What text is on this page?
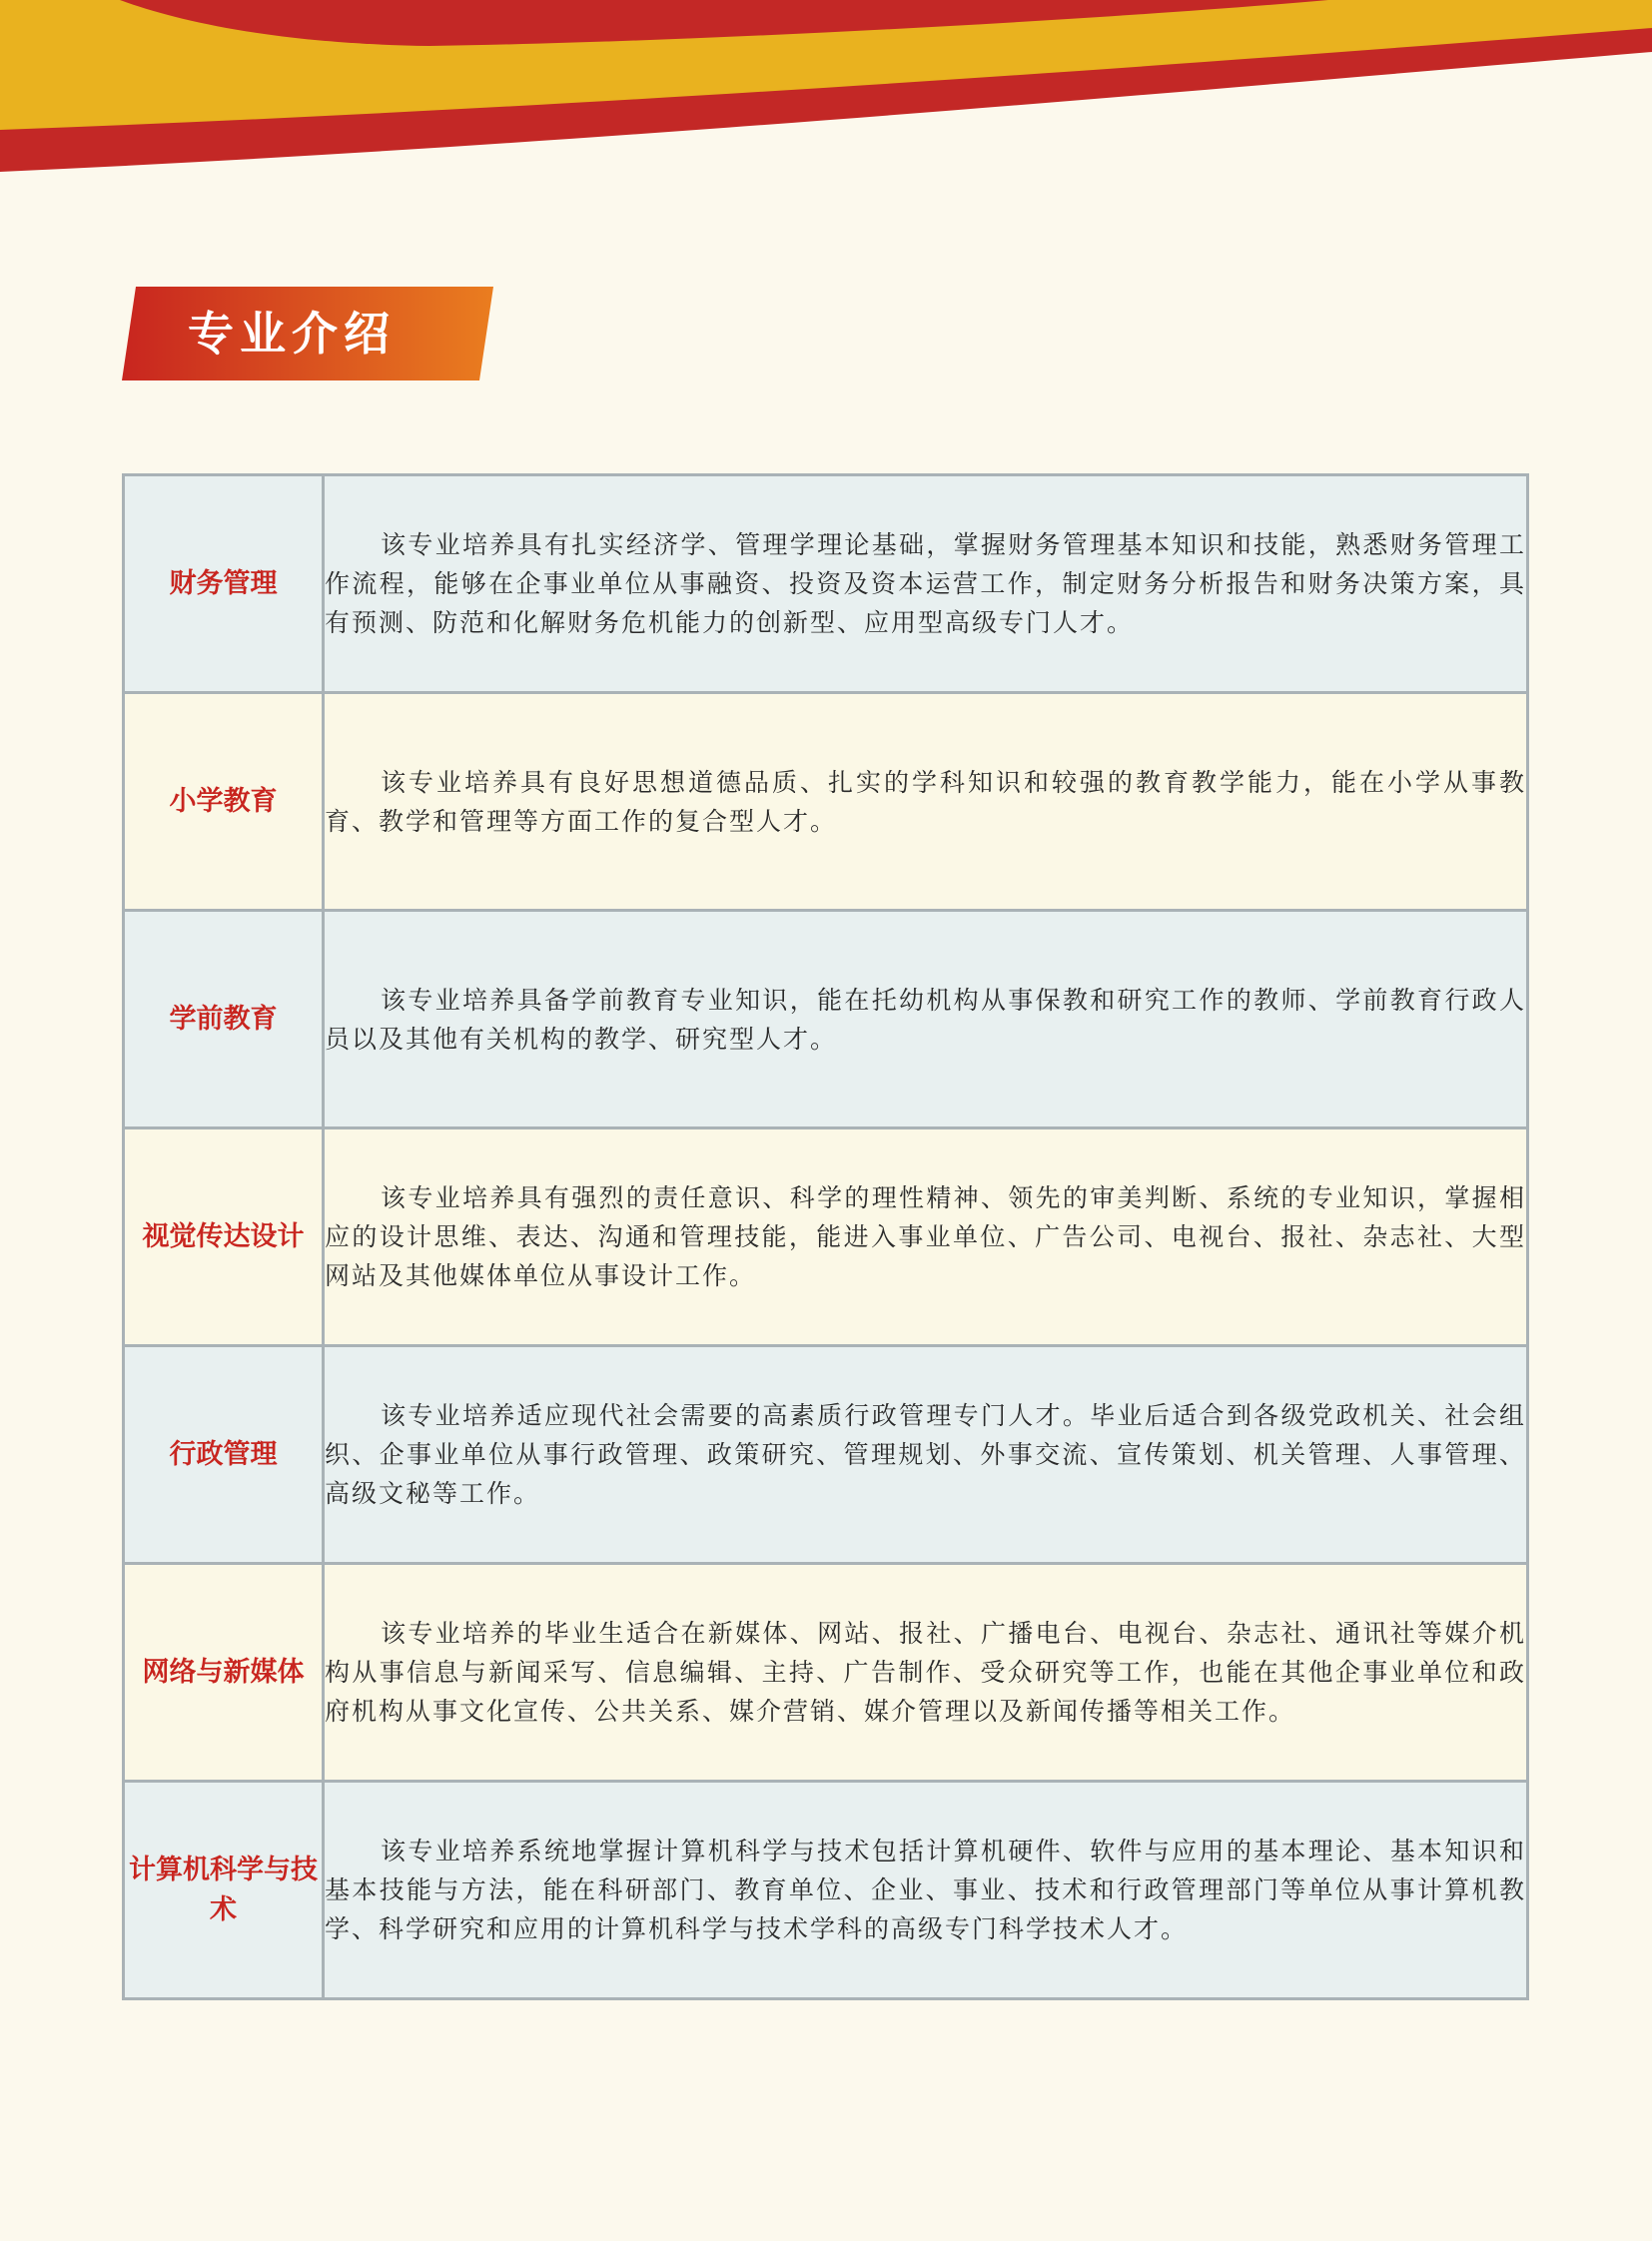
专业介绍
财务管理	该专业培养具有扎实经济学、管理学理论基础，掌握财务管理基本知识和技能，熟悉财务管理工作流程，能够在企事业单位从事融资、投资及资本运营工作，制定财务分析报告和财务决策方案，具有预测、防范和化解财务危机能力的创新型、应用型高级专门人才。
小学教育	该专业培养具有良好思想道德品质、扎实的学科知识和较强的教育教学能力，能在小学从事教育、教学和管理等方面工作的复合型人才。
学前教育	该专业培养具备学前教育专业知识，能在托幼机构从事保教和研究工作的教师、学前教育行政人员以及其他有关机构的教学、研究型人才。
视觉传达设计	该专业培养具有强烈的责任意识、科学的理性精神、领先的审美判断、系统的专业知识，掌握相应的设计思维、表达、沟通和管理技能，能进入事业单位、广告公司、电视台、报社、杂志社、大型网站及其他媒体单位从事设计工作。
行政管理	该专业培养适应现代社会需要的高素质行政管理专门人才。毕业后适合到各级党政机关、社会组织、企事业单位从事行政管理、政策研究、管理规划、外事交流、宣传策划、机关管理、人事管理、高级文秘等工作。
网络与新媒体	该专业培养的毕业生适合在新媒体、网站、报社、广播电台、电视台、杂志社、通讯社等媒介机构从事信息与新闻采写、信息编辑、主持、广告制作、受众研究等工作，也能在其他企事业单位和政府机构从事文化宣传、公共关系、媒介营销、媒介管理以及新闻传播等相关工作。
计算机科学与技术	该专业培养系统地掌握计算机科学与技术包括计算机硬件、软件与应用的基本理论、基本知识和基本技能与方法，能在科研部门、教育单位、企业、事业、技术和行政管理部门等单位从事计算机教学、科学研究和应用的计算机科学与技术学科的高级专门科学技术人才。
